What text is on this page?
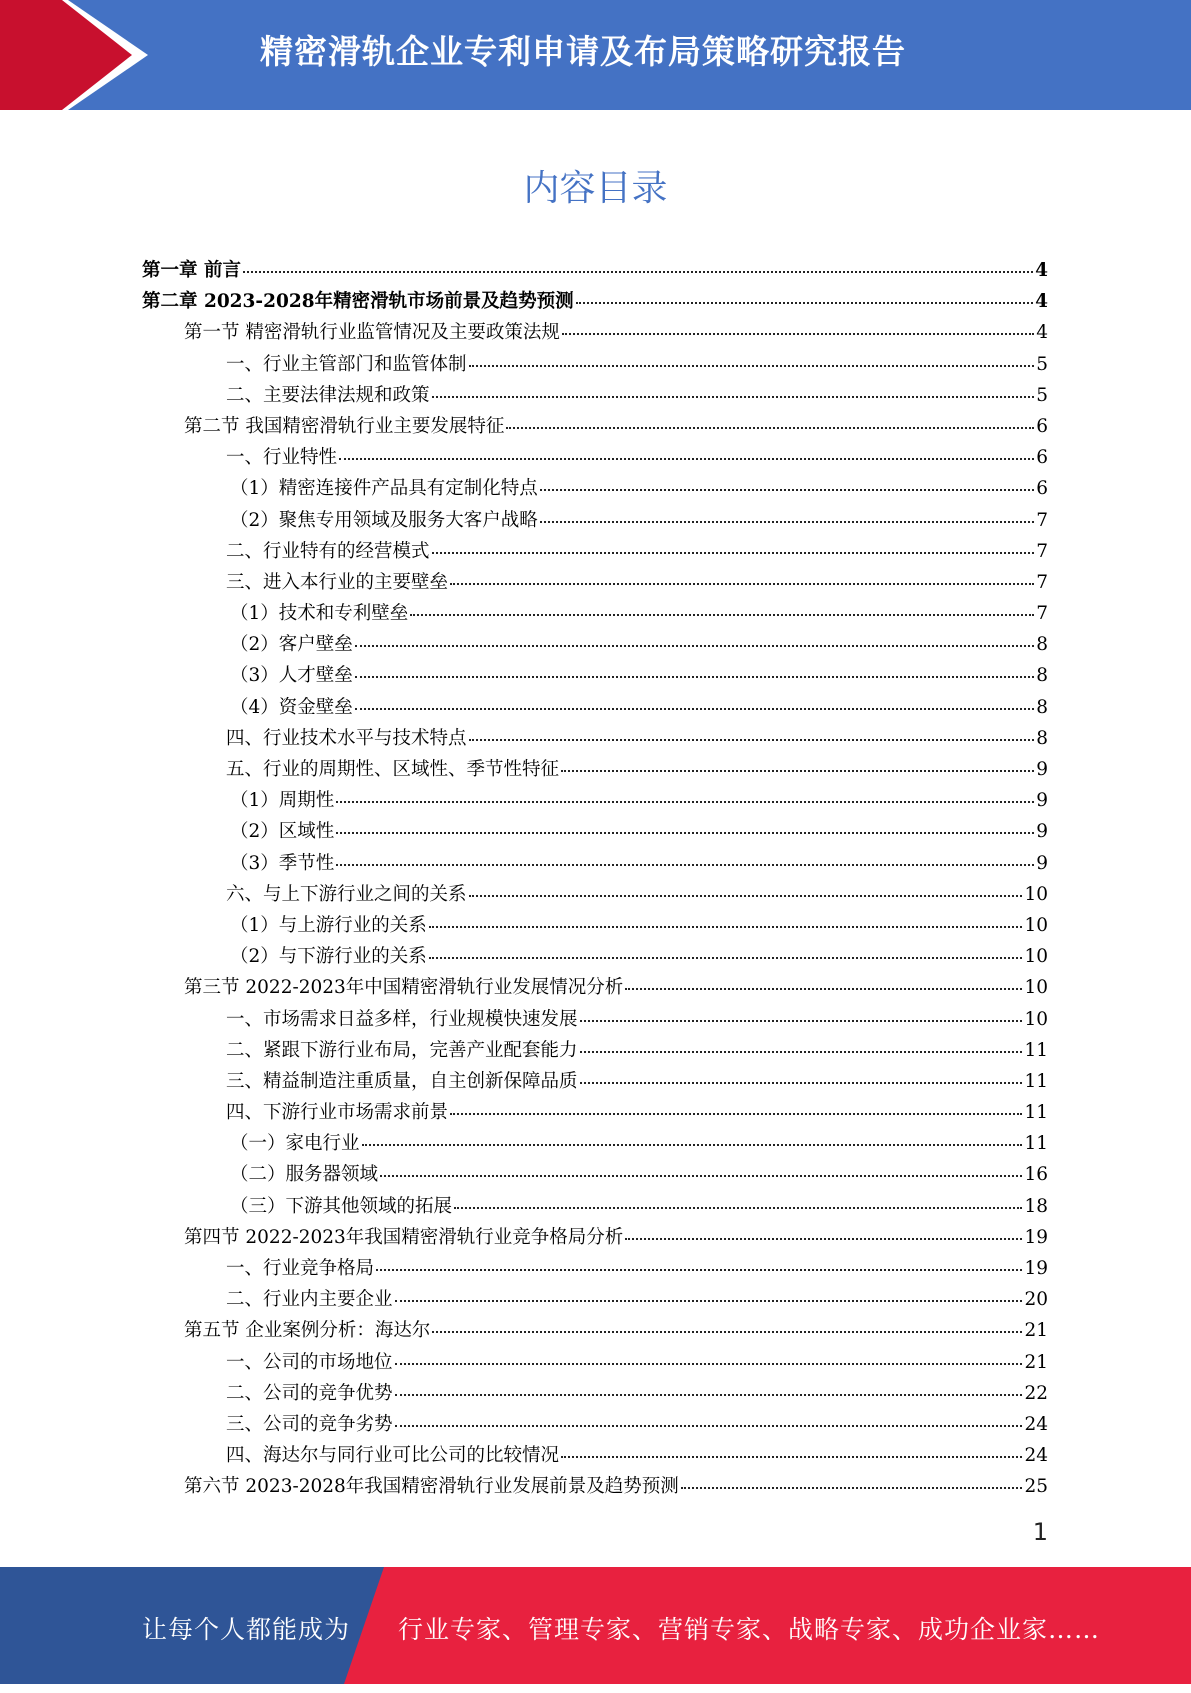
精密滑轨企业专利申请及布局策略研究报告
内容目录
第一章 前言	4
第二章 2023-2028年精密滑轨市场前景及趋势预测	4
第一节 精密滑轨行业监管情况及主要政策法规	4
一、行业主管部门和监管体制	5
二、主要法律法规和政策	5
第二节 我国精密滑轨行业主要发展特征	6
一、行业特性	6
（1）精密连接件产品具有定制化特点	6
（2）聚焦专用领域及服务大客户战略	7
二、行业特有的经营模式	7
三、进入本行业的主要壁垒	7
（1）技术和专利壁垒	7
（2）客户壁垒	8
（3）人才壁垒	8
（4）资金壁垒	8
四、行业技术水平与技术特点	8
五、行业的周期性、区域性、季节性特征	9
（1）周期性	9
（2）区域性	9
（3）季节性	9
六、与上下游行业之间的关系	10
（1）与上游行业的关系	10
（2）与下游行业的关系	10
第三节 2022-2023年中国精密滑轨行业发展情况分析	10
一、市场需求日益多样，行业规模快速发展	10
二、紧跟下游行业布局，完善产业配套能力	11
三、精益制造注重质量，自主创新保障品质	11
四、下游行业市场需求前景	11
（一）家电行业	11
（二）服务器领域	16
（三）下游其他领域的拓展	18
第四节 2022-2023年我国精密滑轨行业竞争格局分析	19
一、行业竞争格局	19
二、行业内主要企业	20
第五节 企业案例分析：海达尔	21
一、公司的市场地位	21
二、公司的竞争优势	22
三、公司的竞争劣势	24
四、海达尔与同行业可比公司的比较情况	24
第六节 2023-2028年我国精密滑轨行业发展前景及趋势预测	25
1
让每个人都能成为 行业专家、管理专家、营销专家、战略专家、成功企业家……
